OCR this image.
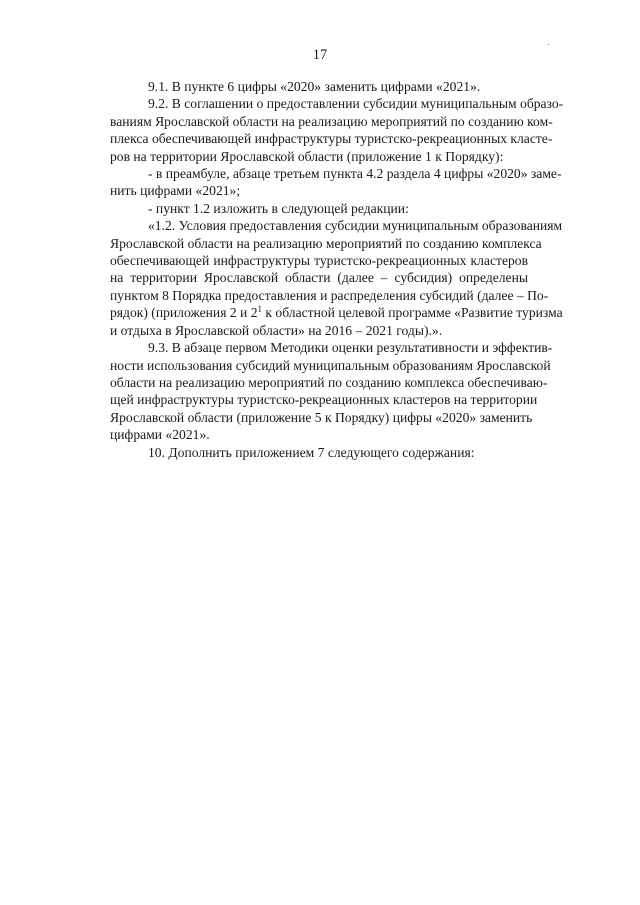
17
9.1. В пункте 6 цифры «2020» заменить цифрами «2021».
9.2. В соглашении о предоставлении субсидии муниципальным образо-
ваниям Ярославской области на реализацию мероприятий по созданию ком-
плекса обеспечивающей инфраструктуры туристско-рекреационных класте-
ров на территории Ярославской области (приложение 1 к Порядку):
- в преамбуле, абзаце третьем пункта 4.2 раздела 4 цифры «2020» заме-
нить цифрами «2021»;
- пункт 1.2 изложить в следующей редакции:
«1.2. Условия предоставления субсидии муниципальным образованиям
Ярославской области на реализацию мероприятий по созданию комплекса
обеспечивающей инфраструктуры туристско-рекреационных кластеров
на территории Ярославской области (далее – субсидия) определены
пунктом 8 Порядка предоставления и распределения субсидий (далее – По-
рядок) (приложения 2 и $2^1$ к областной целевой программе «Развитие туризма
и отдыха в Ярославской области» на 2016 – 2021 годы).».
9.3. В абзаце первом Методики оценки результативности и эффектив-
ности использования субсидий муниципальным образованиям Ярославской
области на реализацию мероприятий по созданию комплекса обеспечиваю-
щей инфраструктуры туристско-рекреационных кластеров на территории
Ярославской области (приложение 5 к Порядку) цифры «2020» заменить
цифрами «2021».
10. Дополнить приложением 7 следующего содержания:
